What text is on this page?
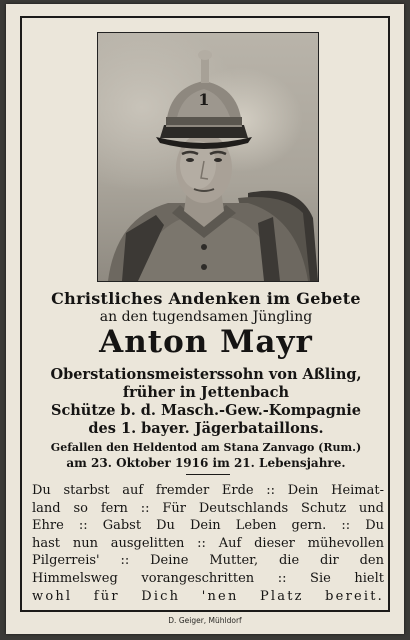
1
Christliches Andenken im Gebete
an den tugendsamen Jüngling
Anton Mayr
Oberstationsmeisterssohn von Aßling,
früher in Jettenbach
Schütze b. d. Masch.-Gew.-Kompagnie
des 1. bayer. Jägerbataillons.
Gefallen den Heldentod am Stana Zanvago (Rum.)
am 23. Oktober 1916 im 21. Lebensjahre.
Du starbst auf fremder Erde :: Dein Heimat-
land so fern :: Für Deutschlands Schutz und
Ehre :: Gabst Du Dein Leben gern. :: Du
hast nun ausgelitten :: Auf dieser mühevollen
Pilgerreis' :: Deine Mutter, die dir den
Himmelsweg vorangeschritten :: Sie hielt
wohl für Dich 'nen Platz bereit.
D. Geiger, Mühldorf
